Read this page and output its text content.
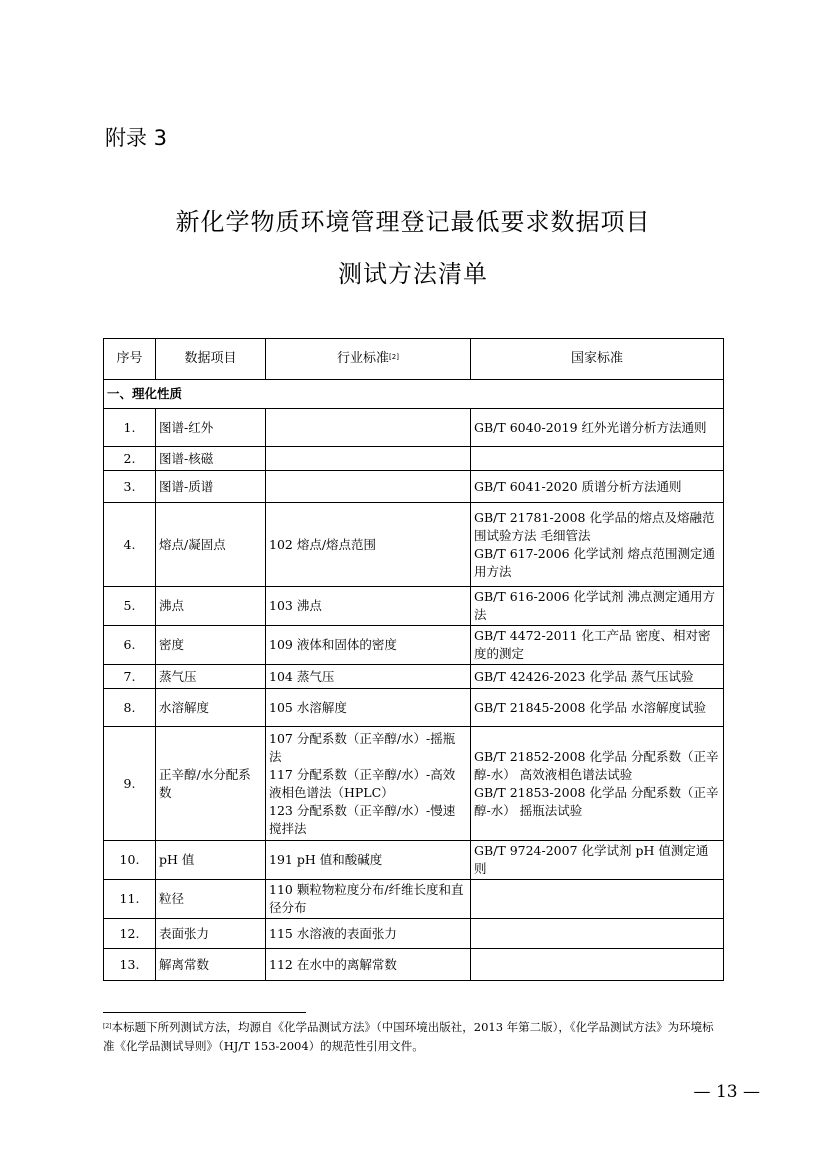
附录 3
新化学物质环境管理登记最低要求数据项目
测试方法清单
序号	数据项目	行业标准[2]	国家标准
一、理化性质			
1.	图谱-红外		GB/T 6040-2019 红外光谱分析方法通则

2.	图谱-核磁		
3.	图谱-质谱		GB/T 6041-2020 质谱分析方法通则

4.	熔点/凝固点	102 熔点/熔点范围	GB/T 21781-2008 化学品的熔点及熔融范围试验方法 毛细管法
GB/T 617-2006 化学试剂 熔点范围测定通用方法

5.	沸点	103 沸点	GB/T 616-2006 化学试剂 沸点测定通用方法

6.	密度	109 液体和固体的密度	GB/T 4472-2011 化工产品 密度、相对密度的测定

7.	蒸气压	104 蒸气压	GB/T 42426-2023 化学品 蒸气压试验

8.	水溶解度	105 水溶解度	GB/T 21845-2008 化学品 水溶解度试验

9.	正辛醇/水分配系数	107 分配系数（正辛醇/水）-摇瓶法
117 分配系数（正辛醇/水）-高效液相色谱法（HPLC）
123 分配系数（正辛醇/水）-慢速搅拌法	GB/T 21852-2008 化学品 分配系数（正辛醇-水） 高效液相色谱法试验
GB/T 21853-2008 化学品 分配系数（正辛醇-水） 摇瓶法试验

10.	pH 值	191 pH 值和酸碱度	GB/T 9724-2007 化学试剂 pH 值测定通则

11.	粒径	110 颗粒物粒度分布/纤维长度和直径分布	

12.	表面张力	115 水溶液的表面张力	

13.	解离常数	112 在水中的离解常数	

[2]本标题下所列测试方法，均源自《化学品测试方法》（中国环境出版社，2013 年第二版），《化学品测试方法》为环境标准《化学品测试导则》（HJ/T 153-2004）的规范性引用文件。
— 13 —
